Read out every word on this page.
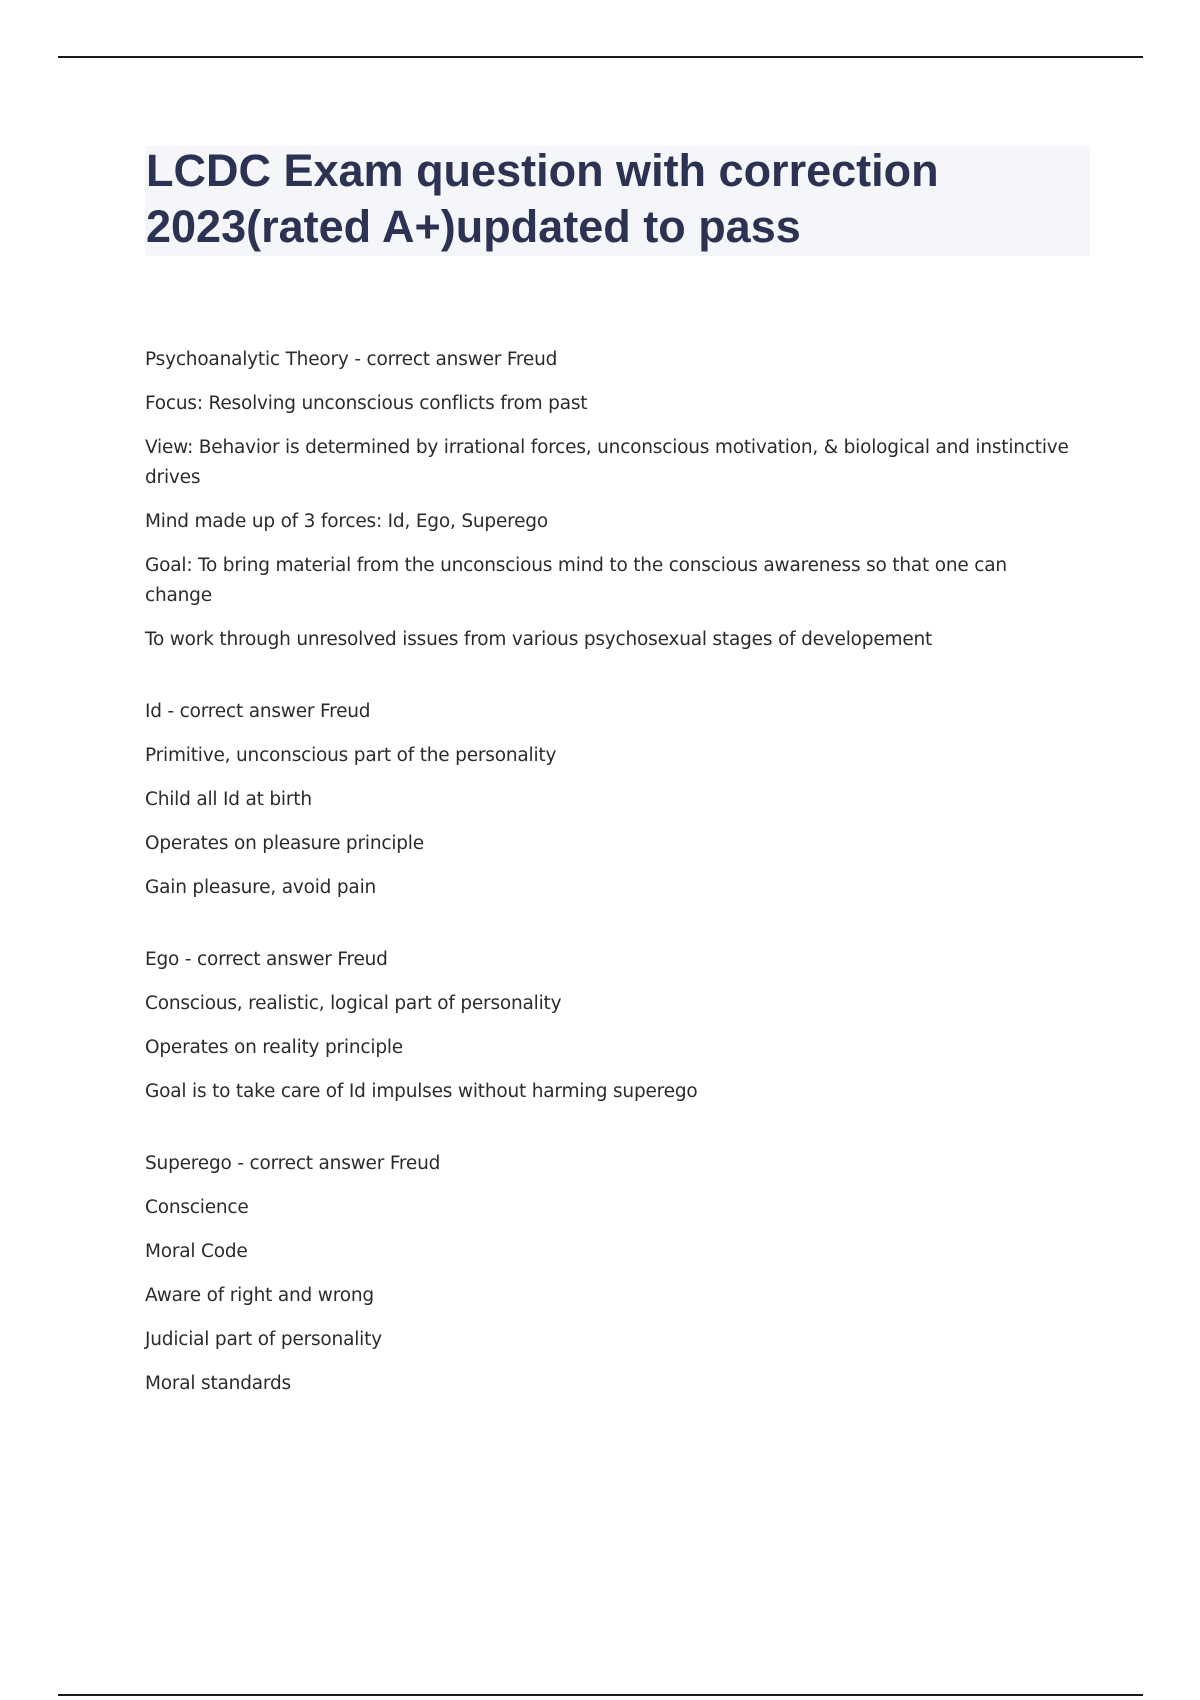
LCDC Exam question with correction 2023(rated A+)updated to pass

Psychoanalytic Theory - correct answer Freud

Focus: Resolving unconscious conflicts from past

View: Behavior is determined by irrational forces, unconscious motivation, & biological and instinctive drives

Mind made up of 3 forces: Id, Ego, Superego

Goal: To bring material from the unconscious mind to the conscious awareness so that one can change

To work through unresolved issues from various psychosexual stages of developement

Id - correct answer Freud

Primitive, unconscious part of the personality

Child all Id at birth

Operates on pleasure principle

Gain pleasure, avoid pain

Ego - correct answer Freud

Conscious, realistic, logical part of personality

Operates on reality principle

Goal is to take care of Id impulses without harming superego

Superego - correct answer Freud

Conscience

Moral Code

Aware of right and wrong

Judicial part of personality

Moral standards
